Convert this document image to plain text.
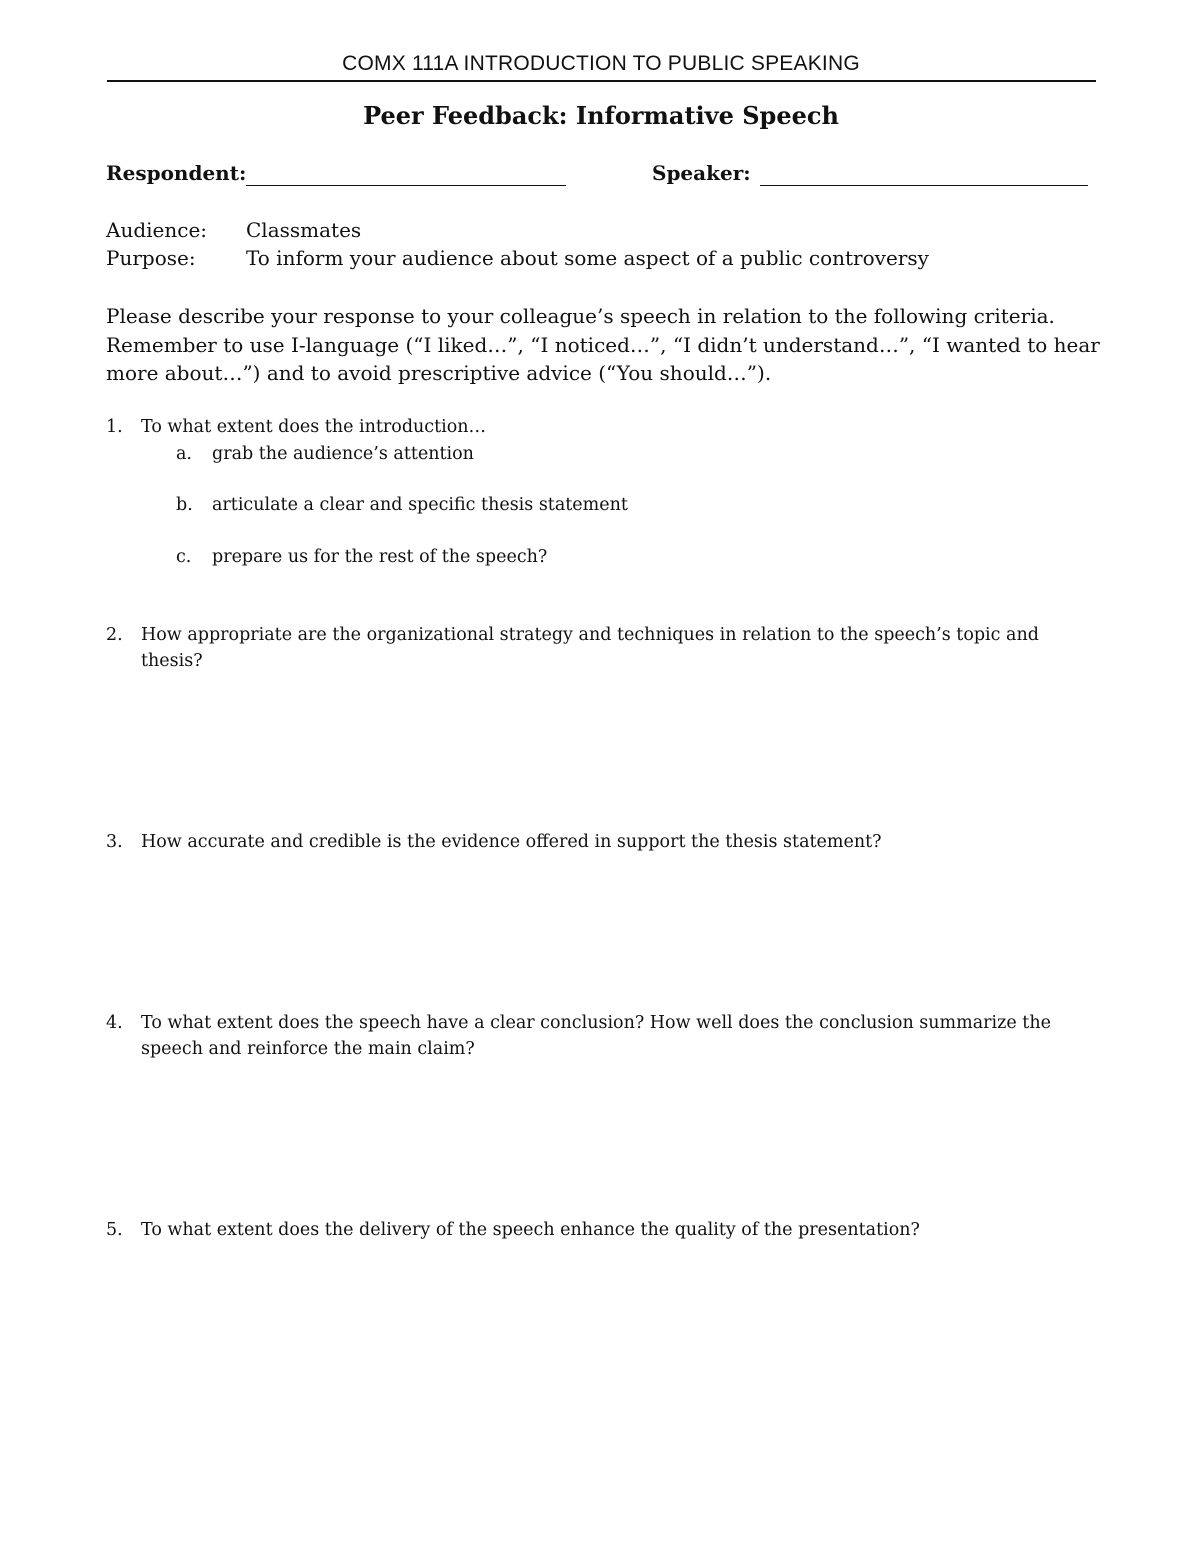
COMX 111A INTRODUCTION TO PUBLIC SPEAKING
Peer Feedback: Informative Speech
Respondent:	Speaker:
Audience: Classmates
Purpose:	To inform your audience about some aspect of a public controversy
Please describe your response to your colleague’s speech in relation to the following criteria. Remember to use I-language (“I liked…”, “I noticed…”, “I didn’t understand…”, “I wanted to hear more about…”) and to avoid prescriptive advice (“You should…”).
1. To what extent does the introduction…
a. grab the audience’s attention
b. articulate a clear and specific thesis statement
c. prepare us for the rest of the speech?
2. How appropriate are the organizational strategy and techniques in relation to the speech’s topic and thesis?
3. How accurate and credible is the evidence offered in support the thesis statement?
4. To what extent does the speech have a clear conclusion? How well does the conclusion summarize the speech and reinforce the main claim?
5. To what extent does the delivery of the speech enhance the quality of the presentation?
